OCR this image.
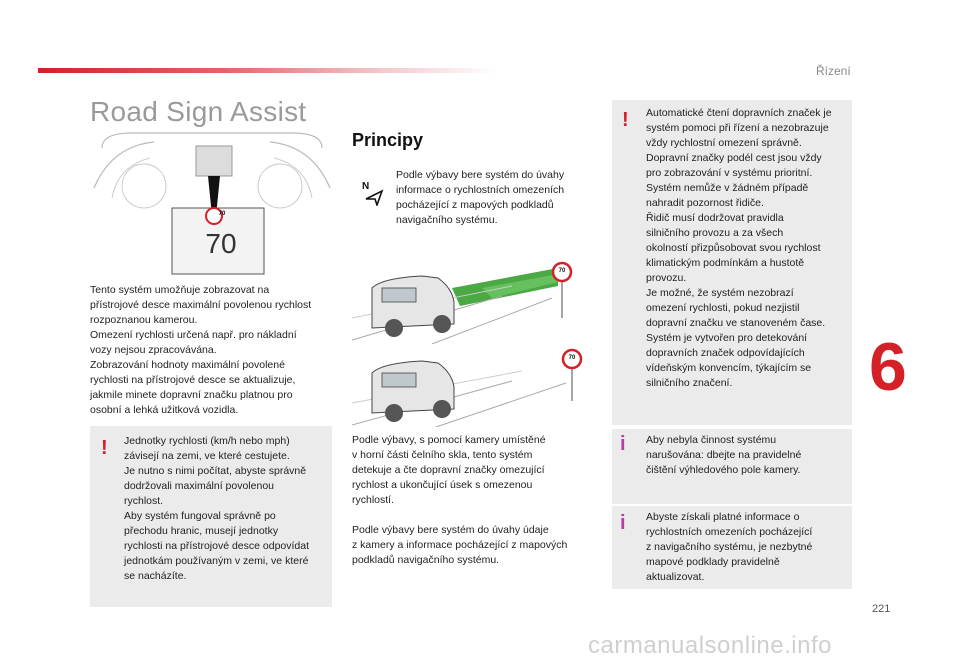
Řízení
Road Sign Assist
70
70

Tento systém umožňuje zobrazovat na
přístrojové desce maximální povolenou rychlost
rozpoznanou kamerou.
Omezení rychlosti určená např. pro nákladní
vozy nejsou zpracovávána.
Zobrazování hodnoty maximální povolené
rychlosti na přístrojové desce se aktualizuje,
jakmile minete dopravní značku platnou pro
osobní a lehká užitková vozidla.

! Jednotky rychlosti (km/h nebo mph)
závisejí na zemi, ve které cestujete.
Je nutno s nimi počítat, abyste správně
dodržovali maximální povolenou
rychlost.
Aby systém fungoval správně po
přechodu hranic, musejí jednotky
rychlosti na přístrojové desce odpovídat
jednotkám používaným v zemi, ve které
se nacházíte.

Principy
N

Podle výbavy bere systém do úvahy
informace o rychlostních omezeních
pocházející z mapových podkladů
navigačního systému.

70
70

Podle výbavy, s pomocí kamery umístěné
v horní části čelního skla, tento systém
detekuje a čte dopravní značky omezující
rychlost a ukončující úsek s omezenou
rychlostí.

Podle výbavy bere systém do úvahy údaje
z kamery a informace pocházející z mapových
podkladů navigačního systému.

! Automatické čtení dopravních značek je
systém pomoci při řízení a nezobrazuje
vždy rychlostní omezení správně.
Dopravní značky podél cest jsou vždy
pro zobrazování v systému prioritní.
Systém nemůže v žádném případě
nahradit pozornost řidiče.
Řidič musí dodržovat pravidla
silničního provozu a za všech
okolností přizpůsobovat svou rychlost
klimatickým podmínkám a hustotě
provozu.
Je možné, že systém nezobrazí
omezení rychlosti, pokud nezjistil
dopravní značku ve stanoveném čase.
Systém je vytvořen pro detekování
dopravních značek odpovídajících
vídeňským konvencím, týkajícím se
silničního značení.

i Aby nebyla činnost systému
narušována: dbejte na pravidelné
čištění výhledového pole kamery.

i Abyste získali platné informace o
rychlostních omezeních pocházející
z navigačního systému, je nezbytné
mapové podklady pravidelně
aktualizovat.

6
221
carmanualsonline.info
